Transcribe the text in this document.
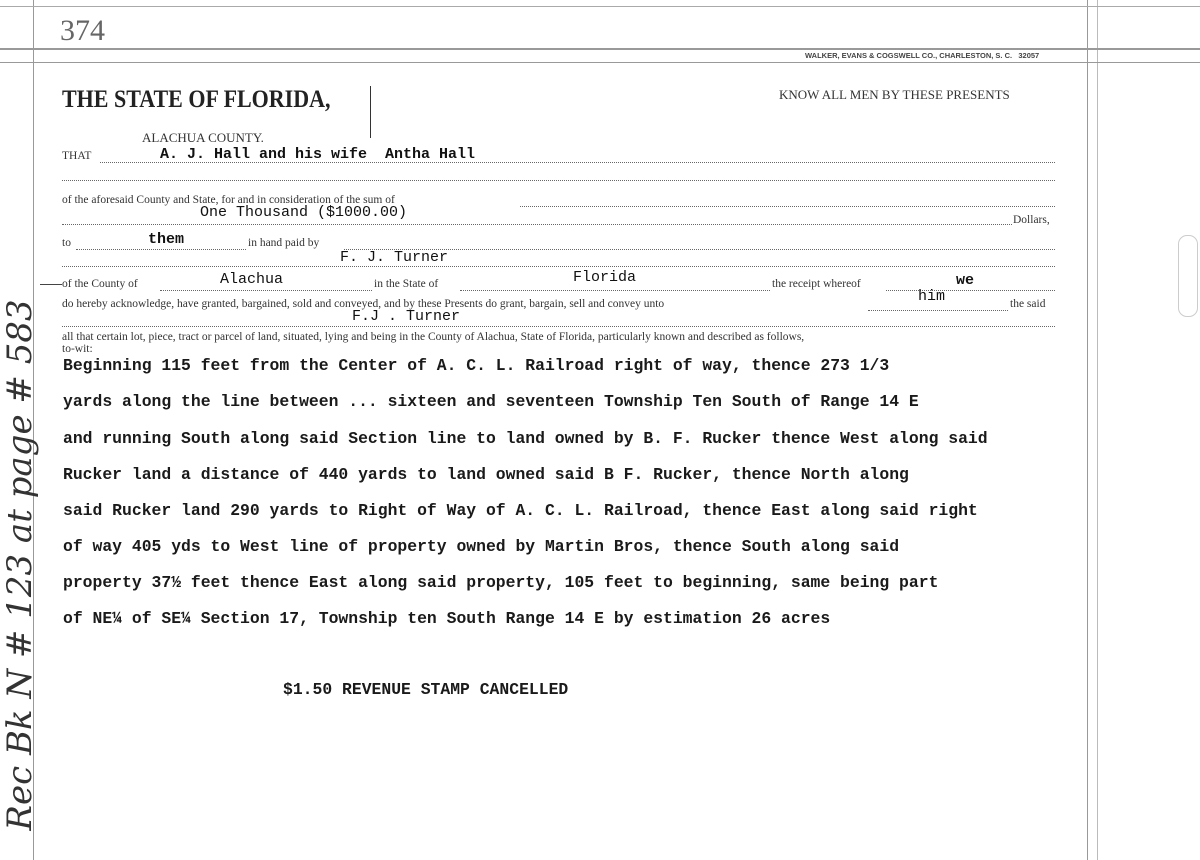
374
WALKER, EVANS & COGSWELL CO., CHARLESTON, S. C.   32057
THE STATE OF FLORIDA,
ALACHUA COUNTY.
KNOW ALL MEN BY THESE PRESENTS
THAT	A. J. Hall and his wife  Antha Hall
of the aforesaid County and State, for and in consideration of the sum of
One Thousand ($1000.00)	Dollars,
to	them	in hand paid by
F. J. Turner
of the County of	Alachua	in the State of	Florida	the receipt whereof	we
do hereby acknowledge, have granted, bargained, sold and conveyed, and by these Presents do grant, bargain, sell and convey unto	him	the said
F.J . Turner
all that certain lot, piece, tract or parcel of land, situated, lying and being in the County of Alachua, State of Florida, particularly known and described as follows,
to-wit:
Beginning 115 feet from the Center of A. C. L. Railroad right of way, thence 273 1/3
yards along the line between ... sixteen and seventeen Township Ten South of Range 14 E
and running South along said Section line to land owned by B. F. Rucker thence West along said
Rucker land a distance of 440 yards to land owned said B F. Rucker, thence North along
said Rucker land 290 yards to Right of Way of A. C. L. Railroad, thence East along said right
of way 405 yds to West line of property owned by Martin Bros, thence South along said
property 37½ feet thence East along said property, 105 feet to beginning, same being part
of NE¼ of SE¼ Section 17, Township ten South Range 14 E by estimation 26 acres
$1.50 REVENUE STAMP CANCELLED
Rec Bk N # 123 at page # 583
